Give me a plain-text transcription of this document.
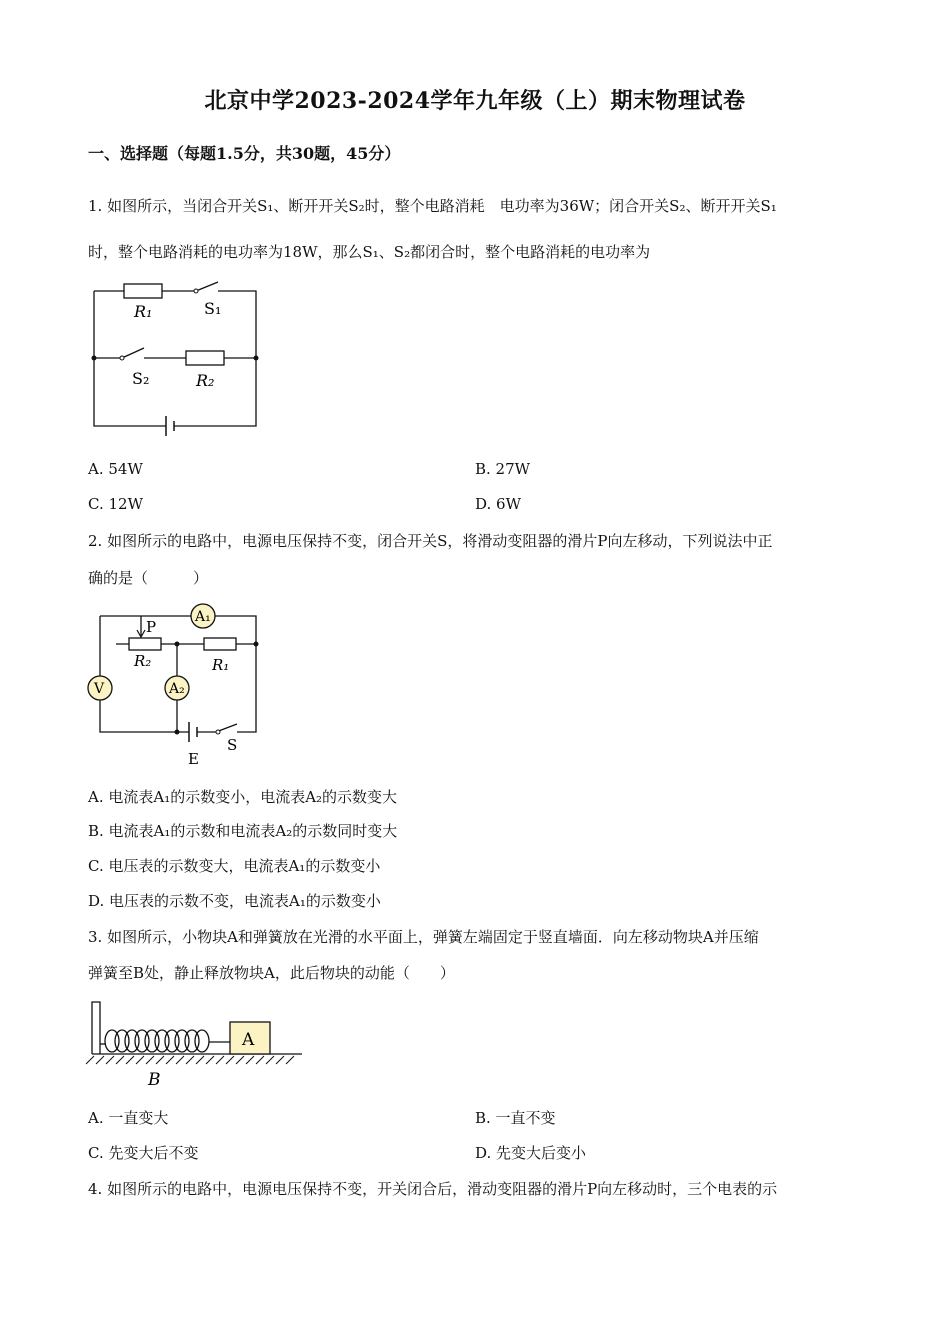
北京中学2023-2024学年九年级（上）期末物理试卷
一、选择题（每题1.5分，共30题，45分）
1. 如图所示，当闭合开关S₁、断开开关S₂时，整个电路消耗　电功率为36W；闭合开关S₂、断开开关S₁
时，整个电路消耗的电功率为18W，那么S₁、S₂都闭合时，整个电路消耗的电功率为
R₁	S₁
S₂	R₂
A. 54W	B. 27W
C. 12W	D. 6W
2. 如图所示的电路中，电源电压保持不变，闭合开关S，将滑动变阻器的滑片P向左移动，下列说法中正
确的是（　　　）
A₁
A₂
V
P
R₂	R₁
E
S
A. 电流表A₁的示数变小，电流表A₂的示数变大
B. 电流表A₁的示数和电流表A₂的示数同时变大
C. 电压表的示数变大，电流表A₁的示数变小
D. 电压表的示数不变，电流表A₁的示数变小
3. 如图所示，小物块A和弹簧放在光滑的水平面上，弹簧左端固定于竖直墙面．向左移动物块A并压缩
弹簧至B处，静止释放物块A，此后物块的动能（　　）
A
B
A. 一直变大	B. 一直不变
C. 先变大后不变	D. 先变大后变小
4. 如图所示的电路中，电源电压保持不变，开关闭合后，滑动变阻器的滑片P向左移动时，三个电表的示
